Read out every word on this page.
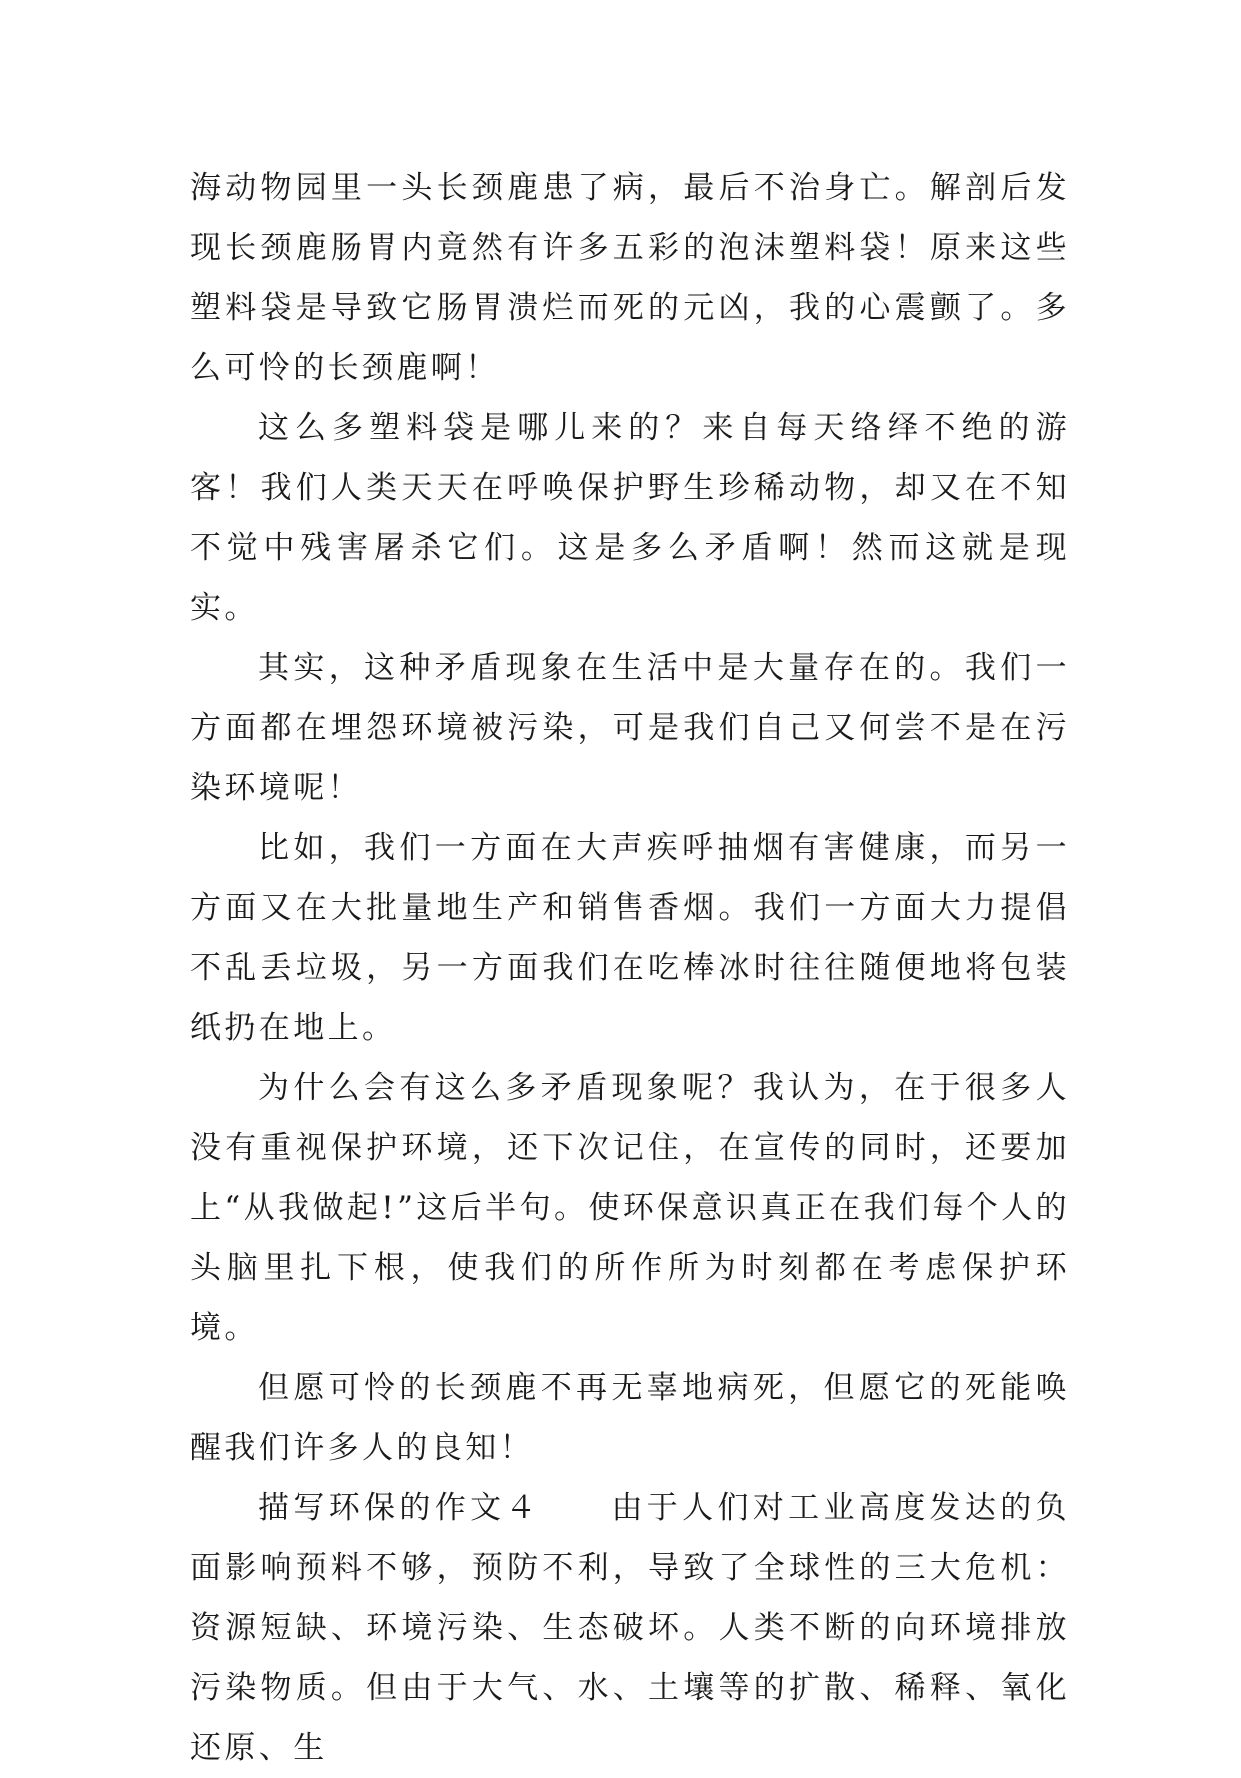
海动物园里一头长颈鹿患了病，最后不治身亡。解剖后发现长颈鹿肠胃内竟然有许多五彩的泡沫塑料袋！原来这些塑料袋是导致它肠胃溃烂而死的元凶，我的心震颤了。多么可怜的长颈鹿啊！

这么多塑料袋是哪儿来的？来自每天络绎不绝的游客！我们人类天天在呼唤保护野生珍稀动物，却又在不知不觉中残害屠杀它们。这是多么矛盾啊！然而这就是现实。

其实，这种矛盾现象在生活中是大量存在的。我们一方面都在埋怨环境被污染，可是我们自己又何尝不是在污染环境呢！

比如，我们一方面在大声疾呼抽烟有害健康，而另一方面又在大批量地生产和销售香烟。我们一方面大力提倡不乱丢垃圾，另一方面我们在吃棒冰时往往随便地将包装纸扔在地上。

为什么会有这么多矛盾现象呢？我认为，在于很多人没有重视保护环境，还下次记住，在宣传的同时，还要加上“从我做起!”这后半句。使环保意识真正在我们每个人的头脑里扎下根，使我们的所作所为时刻都在考虑保护环境。

但愿可怜的长颈鹿不再无辜地病死，但愿它的死能唤醒我们许多人的良知！

描写环保的作文４　　由于人们对工业高度发达的负面影响预料不够，预防不利，导致了全球性的三大危机：资源短缺、环境污染、生态破坏。人类不断的向环境排放污染物质。但由于大气、水、土壤等的扩散、稀释、氧化还原、生
